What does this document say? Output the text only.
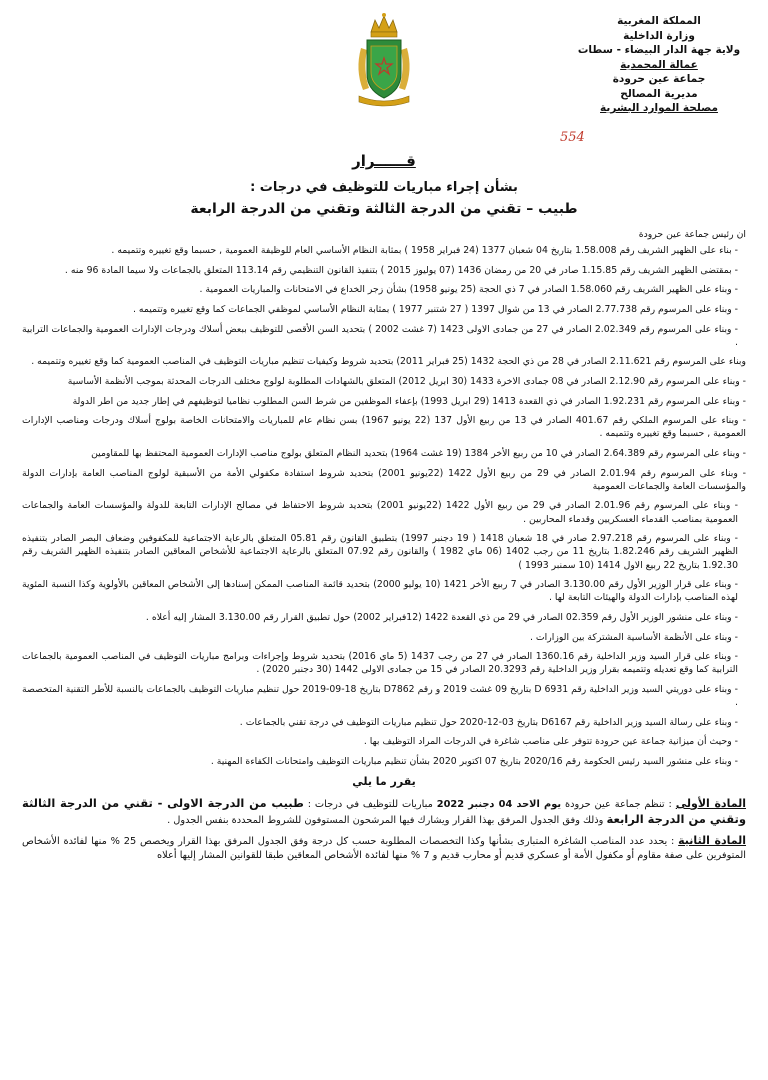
المملكة المغربية
وزارة الداخلية
ولاية جهة الدار البيضاء - سطات
عمالة المحمدية
جماعة عين حرودة
مديرية المصالح
مصلحة الموارد البشرية
554
قــــــرار
بشأن إجراء مباريات للتوظيف في درجات :
طبيب – تقني من الدرجة الثالثة وتقني من الدرجة الرابعة

ان رئيس جماعة عين حرودة

- بناء على الظهير الشريف رقم 1.58.008 بتاريخ 04 شعبان 1377 (24 فبراير 1958 ) بمثابة النظام الأساسي العام للوظيفة العمومية , حسبما وقع تغييره وتتميمه .

- بمقتضى الظهير الشريف رقم 1.15.85 صادر في 20 من رمضان 1436 (07 يوليوز 2015 ) بتنفيذ القانون التنظيمي رقم 113.14 المتعلق بالجماعات ولا سيما المادة 96 منه .

- وبناء على الظهير الشريف رقم 1.58.060 الصادر في 7 ذي الحجة (25 يونيو 1958) بشأن زجر الخداع في الامتحانات والمباريات العمومية .

- وبناء على المرسوم رقم 2.77.738 الصادر في 13 من شوال 1397 ( 27 شتنبر 1977 ) بمثابة النظام الأساسي لموظفي الجماعات كما وقع تغييره وتتميمه .

- وبناء على المرسوم رقم 2.02.349 الصادر في 27 من جمادى الاولى 1423 (7 غشت 2002 ) بتحديد السن الأقصى للتوظيف ببعض أسلاك ودرجات الإدارات العمومية والجماعات الترابية .

وبناء على المرسوم رقم 2.11.621 الصادر في 28 من ذي الحجة 1432 (25 فبراير 2011) بتحديد شروط وكيفيات تنظيم مباريات التوظيف في المناصب العمومية كما وقع تغييره وتتميمه .

- وبناء على المرسوم رقم 2.12.90 الصادر في 08 جمادى الاخرة 1433 (30 ابريل 2012) المتعلق بالشهادات المطلوبة لولوج مختلف الدرجات المحدثة بموجب الأنظمة الأساسية

- وبناء على المرسوم رقم 1.92.231 الصادر في ذي القعدة 1413 (29 ابريل 1993) بإعفاء الموظفين من شرط السن المطلوب نظاميا لتوظيفهم في إطار جديد من اطر الدولة

- وبناء على المرسوم الملكي رقم 401.67 الصادر في 13 من ربيع الأول 137 (22 يونيو 1967) بسن نظام عام للمباريات والامتحانات الخاصة بولوج أسلاك ودرجات ومناصب الإدارات العمومية , حسبما وقع تغييره وتتميمه .

- وبناء على المرسوم رقم 2.64.389 الصادر في 10 من ربيع الأخر 1384 (19 غشت 1964) بتحديد النظام المتعلق بولوج مناصب الإدارات العمومية المحتفظ بها للمقاومين

- وبناء على المرسوم رقم 2.01.94 الصادر في 29 من ربيع الأول 1422 (22يونيو 2001) بتحديد شروط استفادة مكفولي الأمة من الأسبقية لولوج المناصب العامة بإدارات الدولة والمؤسسات العامة والجماعات العمومية

- وبناء على المرسوم رقم 2.01.96 الصادر في 29 من ربيع الأول 1422 (22يونيو 2001) بتحديد شروط الاحتفاظ في مصالح الإدارات التابعة للدولة والمؤسسات العامة والجماعات العمومية بمناصب القدماء العسكريين وقدماء المحاربين .

- وبناء على المرسوم رقم 2.97.218 صادر في 18 شعبان 1418 ( 19 دجنبر 1997) بتطبيق القانون رقم 05.81 المتعلق بالرعاية الاجتماعية للمكفوفين وضعاف البصر الصادر بتنفيذه الظهير الشريف رقم 1.82.246 بتاريخ 11 من رجب 1402 (06 ماي 1982 ) والقانون رقم 07.92 المتعلق بالرعاية الاجتماعية للأشخاص المعاقين الصادر بتنفيذه الظهير الشريف رقم 1.92.30 بتاريخ 22 ربيع الاول 1414 (10 سمنبر 1993 )

- وبناء على قرار الوزير الأول رقم 3.130.00 الصادر في 7 ربيع الأخر 1421 (10 يوليو 2000) بتحديد قائمة المناصب الممكن إسنادها إلى الأشخاص المعاقين بالأولوية وكذا النسبة المئوية لهذه المناصب بإدارات الدولة والهيئات التابعة لها .

- وبناء على منشور الوزير الأول رقم 02.359 الصادر في 29 من ذي القعدة 1422 (12فبراير 2002) حول تطبيق القرار رقم 3.130.00 المشار إليه أعلاه .

- وبناء على الأنظمة الأساسية المشتركة بين الوزارات .

- وبناء على قرار السيد وزير الداخلية رقم 1360.16 الصادر في 27 من رجب 1437 (5 ماي 2016) بتحديد شروط وإجراءات وبرامج مباريات التوظيف في المناصب العمومية بالجماعات الترابية كما وقع تعديله وتتميمه بقرار وزير الداخلية رقم 20.3293 الصادر في 15 من جمادى الاولى 1442 (30 دجنبر 2020) .

- وبناء على دوريتي السيد وزير الداخلية رقم D 6931 بتاريخ 09 غشت 2019 و رقم D7862 بتاريخ 18-09-2019 حول تنظيم مباريات التوظيف بالجماعات بالنسبة للأطر التقنية المتخصصة .

- وبناء على رسالة السيد وزير الداخلية رقم D6167 بتاريخ 03-12-2020 حول تنظيم مباريات التوظيف في درجة تقني بالجماعات .

- وحيث أن ميزانية جماعة عين حرودة تتوفر على مناصب شاغرة في الدرجات المراد التوظيف بها .

- وبناء على منشور السيد رئيس الحكومة رقم 2020/16 بتاريخ 07 اكتوبر 2020 بشأن تنظيم مباريات التوظيف وامتحانات الكفاءة المهنية .

يقرر ما يلي

المادة الأولى : تنظم جماعة عين حرودة يوم الاحد 04 دجنبر 2022 مباريات للتوظيف في درجات : طبيب من الدرجة الاولى - تقني من الدرجة الثالثة وتقني من الدرجة الرابعة وذلك وفق الجدول المرفق بهذا القرار ويشارك فيها المرشحون المستوفون للشروط المحددة بنفس الجدول .

المادة الثانية : يحدد عدد المناصب الشاغرة المتبارى بشأنها وكذا التخصصات المطلوبة حسب كل درجة وفق الجدول المرفق بهذا القرار ويخصص 25 % منها لفائدة الأشخاص المتوفرين على صفة مقاوم أو مكفول الأمة أو عسكري قديم أو محارب قديم و 7 % منها لفائدة الأشخاص المعاقين طبقا للقوانين المشار إليها أعلاه
